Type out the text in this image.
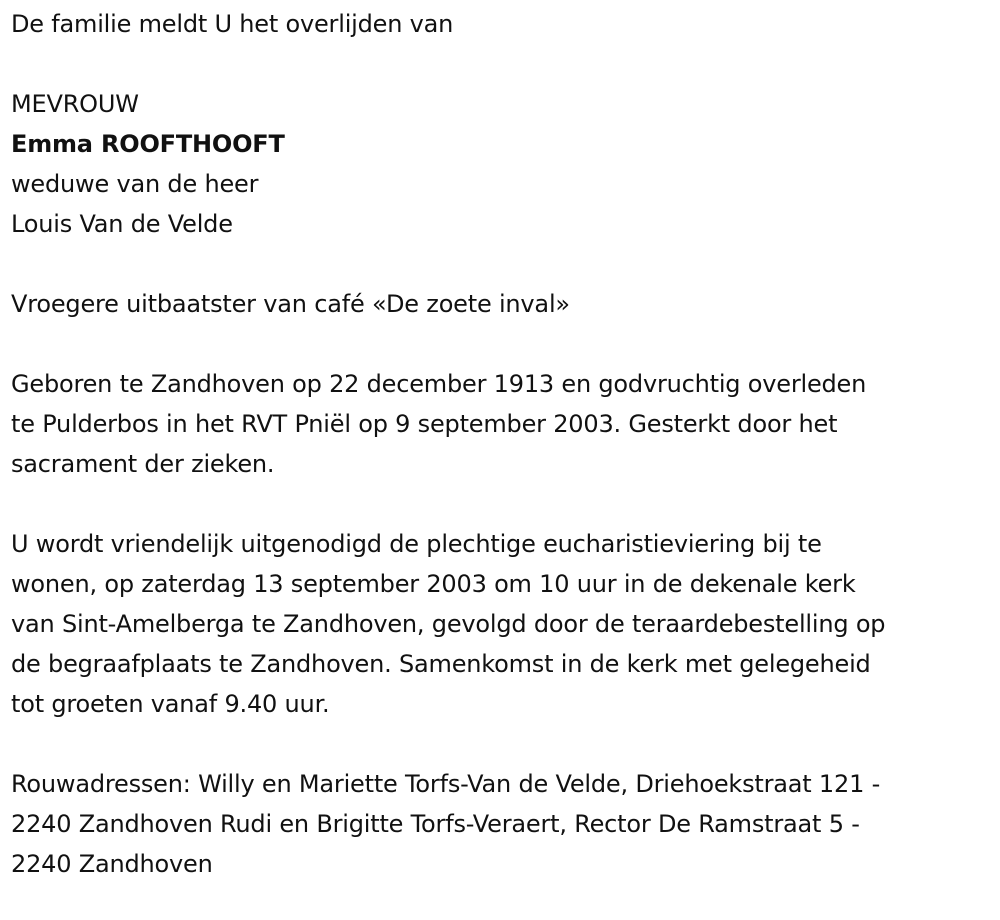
De familie meldt U het overlijden van
MEVROUW
Emma ROOFTHOOFT
weduwe van de heer
Louis Van de Velde
Vroegere uitbaatster van café «De zoete inval»
Geboren te Zandhoven op 22 december 1913 en godvruchtig overleden
te Pulderbos in het RVT Pniël op 9 september 2003. Gesterkt door het
sacrament der zieken.
U wordt vriendelijk uitgenodigd de plechtige eucharistieviering bij te
wonen, op zaterdag 13 september 2003 om 10 uur in de dekenale kerk
van Sint-Amelberga te Zandhoven, gevolgd door de teraardebestelling op
de begraafplaats te Zandhoven. Samenkomst in de kerk met gelegeheid
tot groeten vanaf 9.40 uur.
Rouwadressen: Willy en Mariette Torfs-Van de Velde, Driehoekstraat 121 -
2240 Zandhoven Rudi en Brigitte Torfs-Veraert, Rector De Ramstraat 5 -
2240 Zandhoven
